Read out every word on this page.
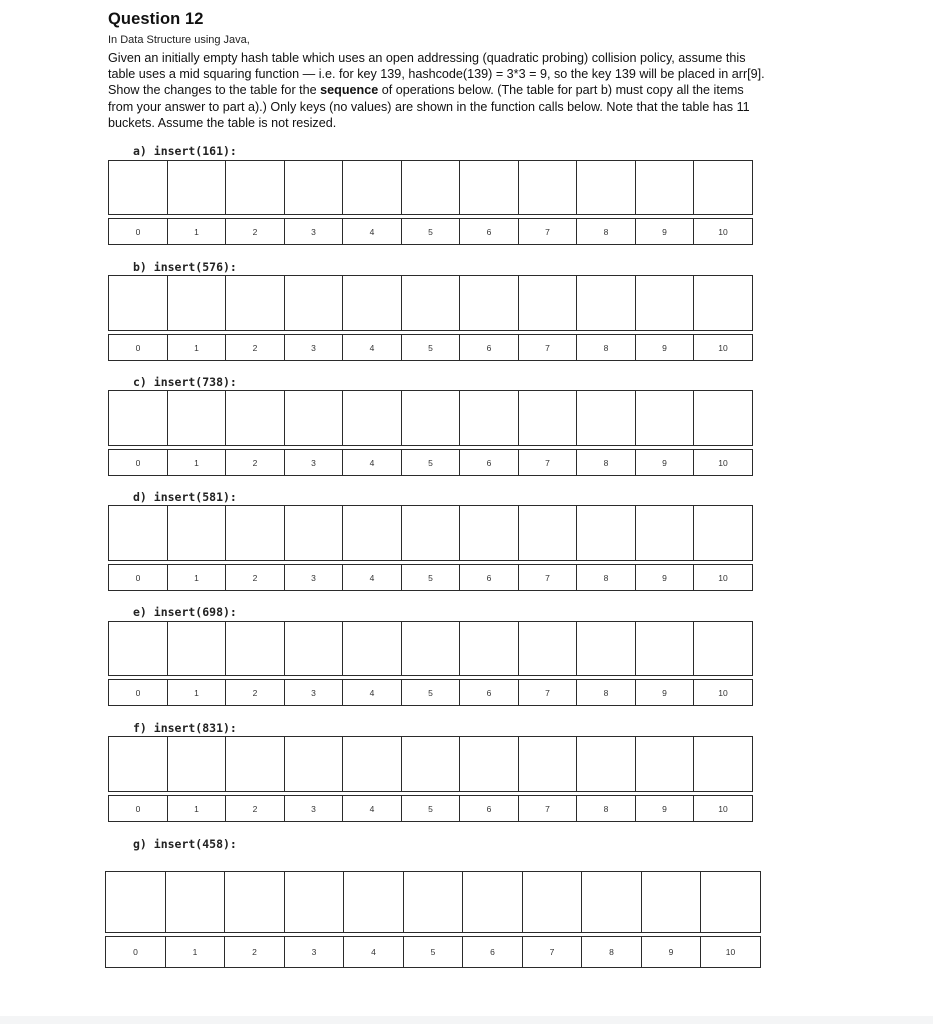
Question 12
In Data Structure using Java,
Given an initially empty hash table which uses an open addressing (quadratic probing) collision policy, assume this table uses a mid squaring function — i.e. for key 139, hashcode(139) = 3*3 = 9, so the key 139 will be placed in arr[9]. Show the changes to the table for the sequence of operations below. (The table for part b) must copy all the items from your answer to part a).) Only keys (no values) are shown in the function calls below. Note that the table has 11 buckets. Assume the table is not resized.
a) insert(161):
0	1	2	3	4	5	6	7	8	9	10
b) insert(576):
0	1	2	3	4	5	6	7	8	9	10
c) insert(738):
0	1	2	3	4	5	6	7	8	9	10
d) insert(581):
0	1	2	3	4	5	6	7	8	9	10
e) insert(698):
0	1	2	3	4	5	6	7	8	9	10
f) insert(831):
0	1	2	3	4	5	6	7	8	9	10
g) insert(458):
0	1	2	3	4	5	6	7	8	9	10
